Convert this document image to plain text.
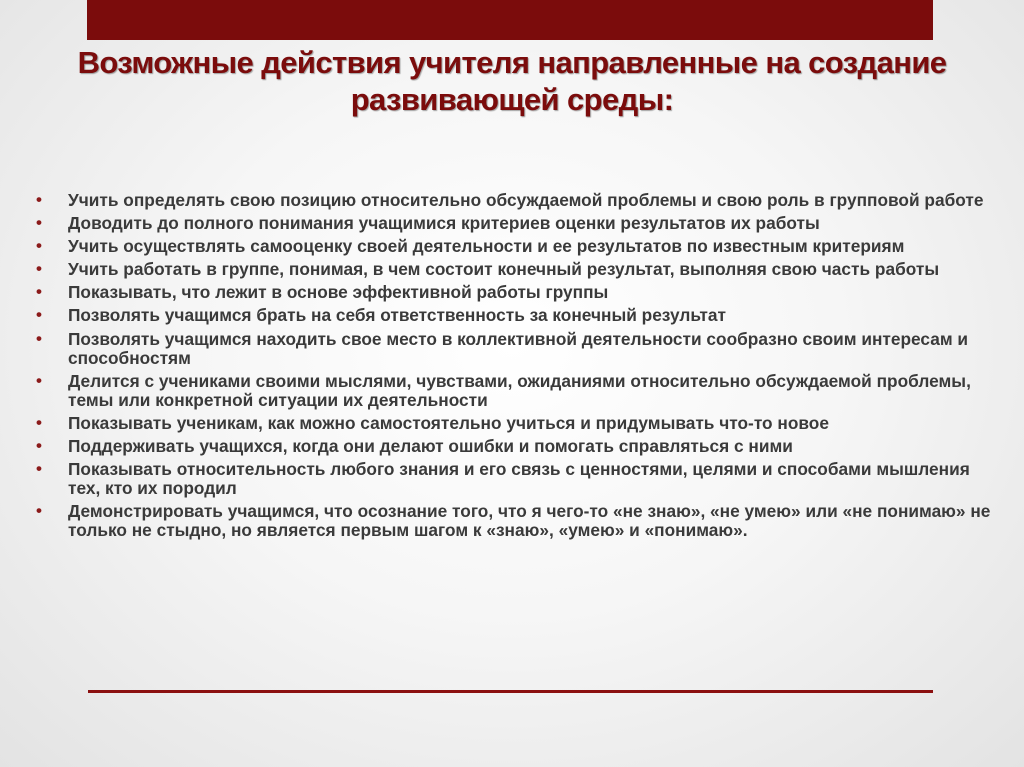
Возможные действия учителя направленные на создание
развивающей среды:
• Учить определять свою позицию относительно обсуждаемой проблемы и свою роль в групповой работе
• Доводить до полного понимания учащимися критериев оценки результатов их работы
• Учить осуществлять самооценку своей деятельности и ее результатов по известным критериям
• Учить работать в группе, понимая, в чем состоит конечный результат, выполняя свою часть работы
• Показывать, что лежит в основе эффективной работы группы
• Позволять учащимся брать на себя ответственность за конечный результат
• Позволять учащимся находить свое место в коллективной деятельности сообразно своим интересам и способностям
• Делится с учениками своими мыслями, чувствами, ожиданиями относительно обсуждаемой проблемы, темы или конкретной ситуации их деятельности
• Показывать ученикам, как можно самостоятельно учиться и придумывать что-то новое
• Поддерживать учащихся, когда они делают ошибки и помогать справляться с ними
• Показывать относительность любого знания и его связь с ценностями, целями и способами мышления тех, кто их породил
• Демонстрировать учащимся, что осознание того, что я чего-то «не знаю», «не умею» или «не понимаю» не только не стыдно, но является первым шагом к «знаю», «умею» и «понимаю».
